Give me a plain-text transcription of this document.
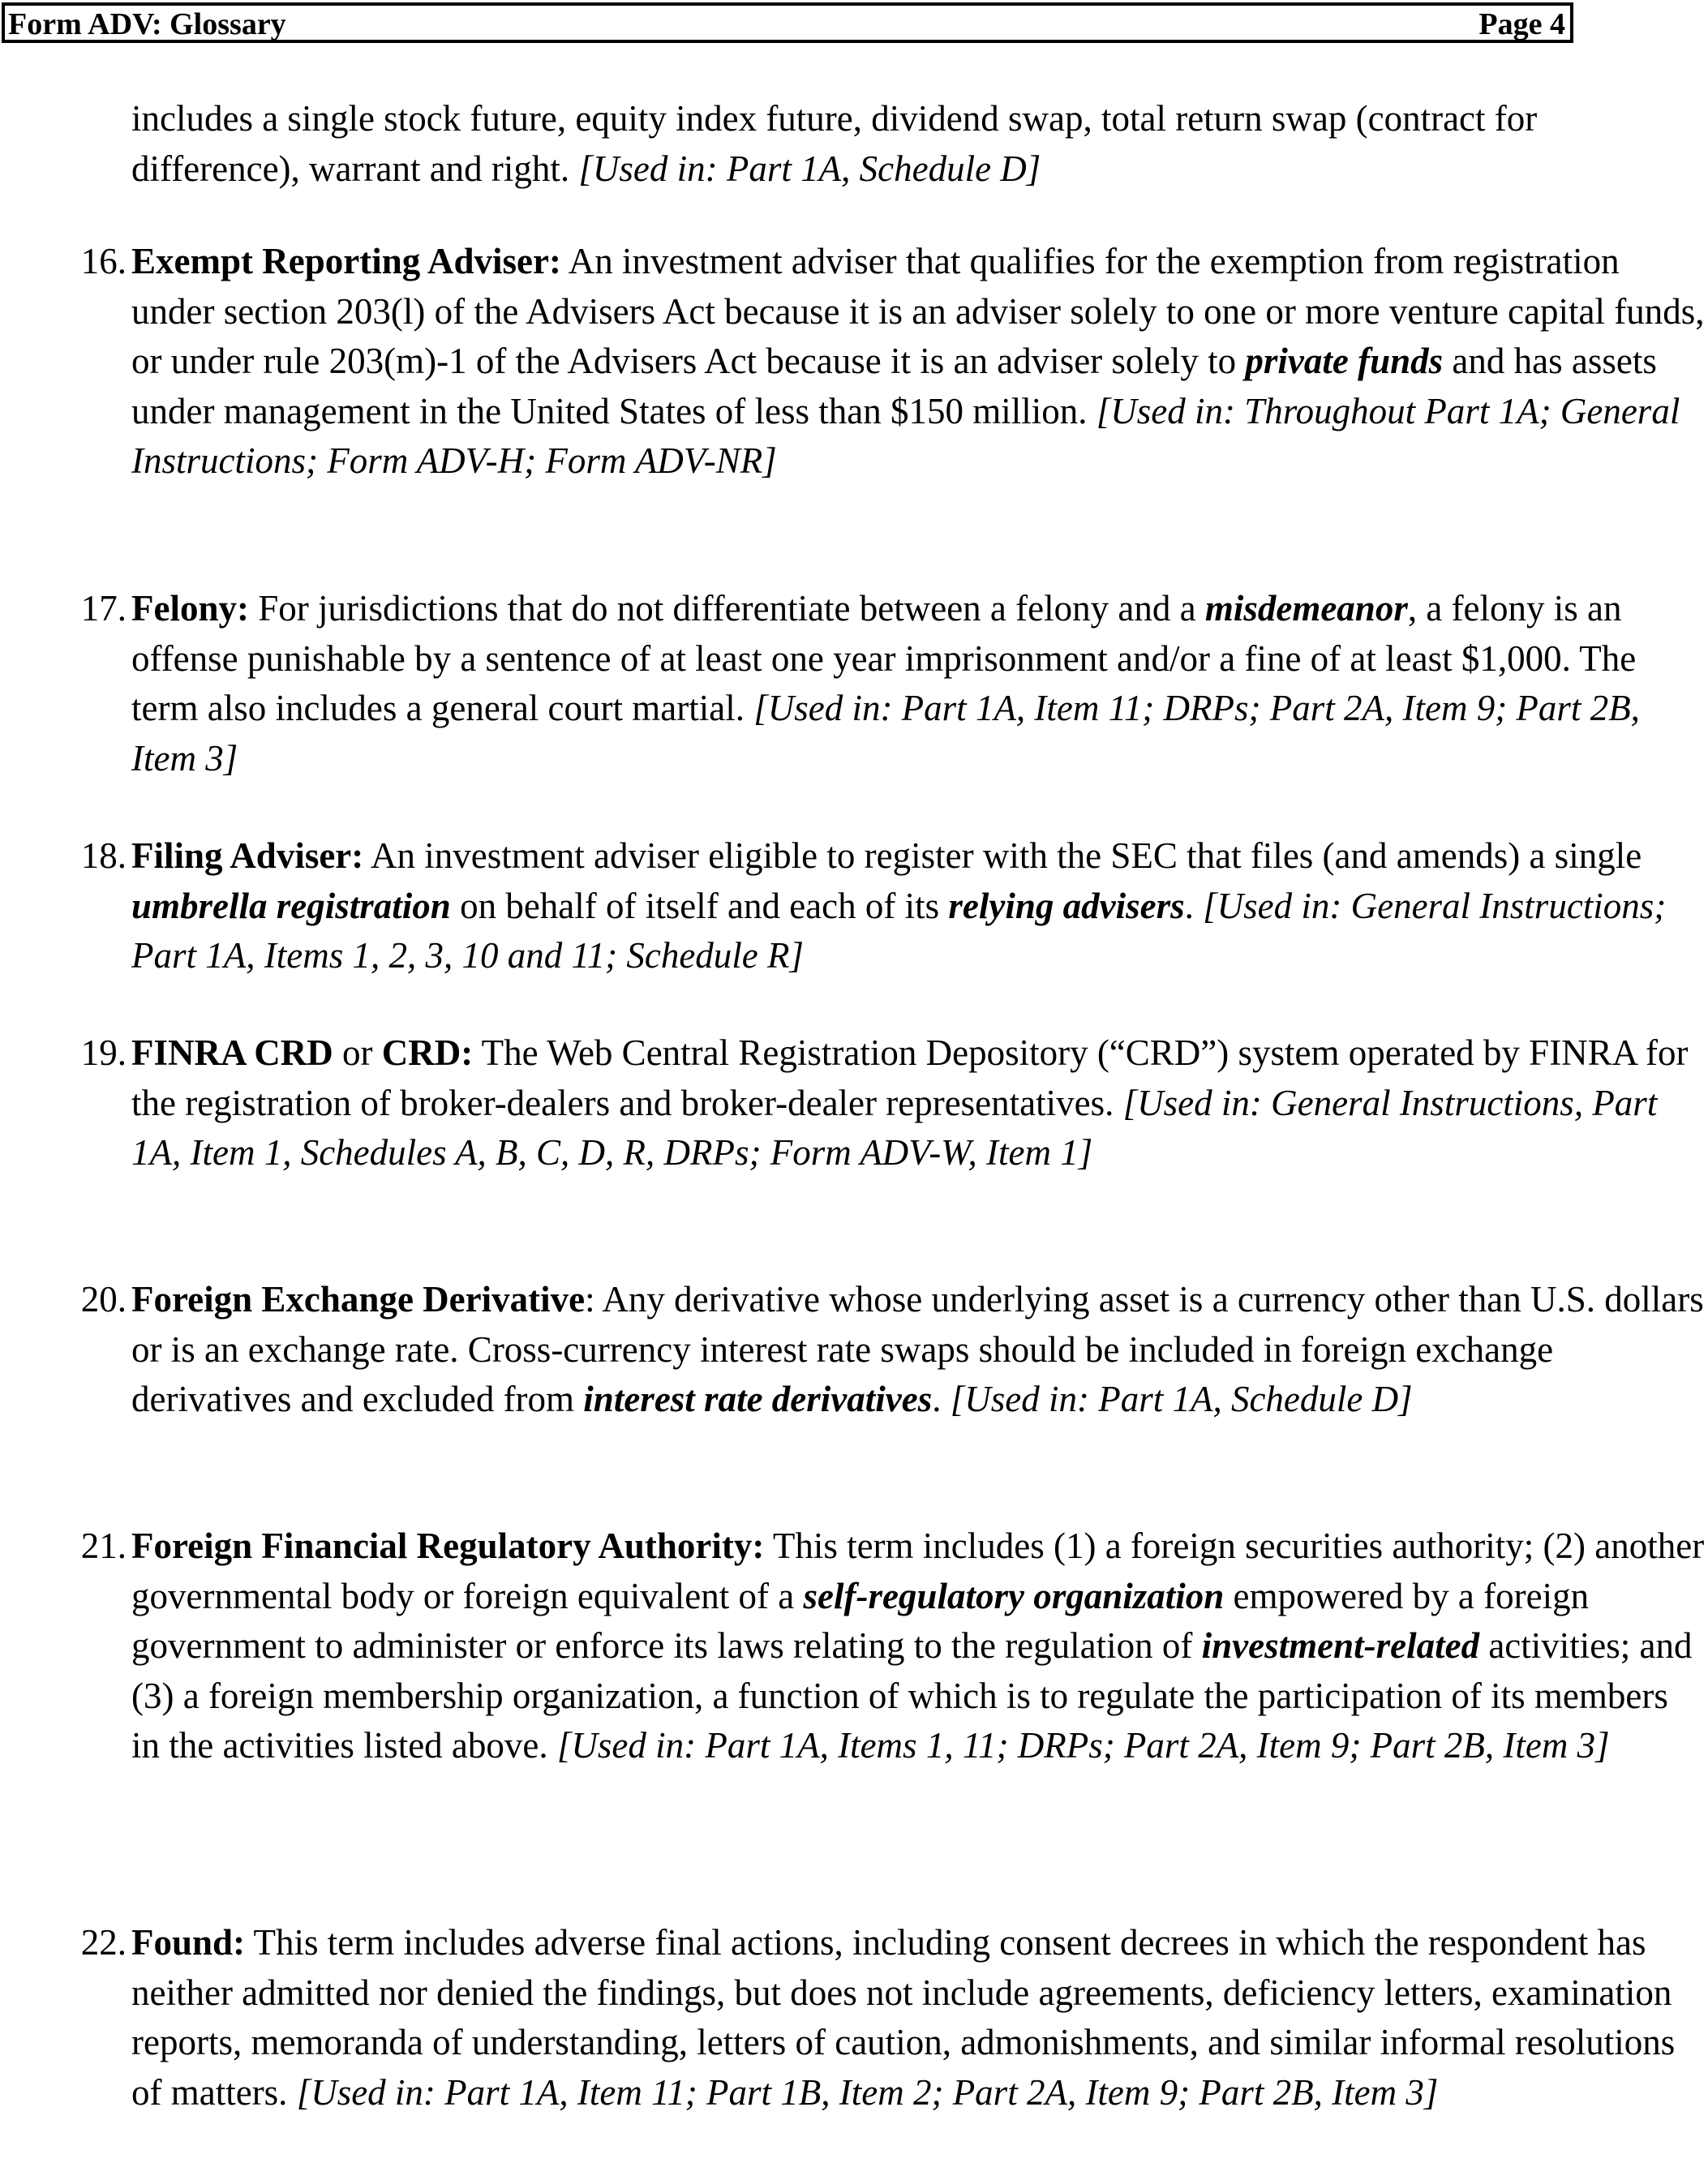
Form ADV: Glossary	Page 4

includes a single stock future, equity index future, dividend swap, total return swap (contract for difference), warrant and right. [Used in: Part 1A, Schedule D]

16. Exempt Reporting Adviser: An investment adviser that qualifies for the exemption from registration under section 203(l) of the Advisers Act because it is an adviser solely to one or more venture capital funds, or under rule 203(m)-1 of the Advisers Act because it is an adviser solely to private funds and has assets under management in the United States of less than $150 million. [Used in: Throughout Part 1A; General Instructions; Form ADV-H; Form ADV-NR]

17. Felony: For jurisdictions that do not differentiate between a felony and a misdemeanor, a felony is an offense punishable by a sentence of at least one year imprisonment and/or a fine of at least $1,000. The term also includes a general court martial. [Used in: Part 1A, Item 11; DRPs; Part 2A, Item 9; Part 2B, Item 3]

18. Filing Adviser: An investment adviser eligible to register with the SEC that files (and amends) a single umbrella registration on behalf of itself and each of its relying advisers. [Used in: General Instructions; Part 1A, Items 1, 2, 3, 10 and 11; Schedule R]

19. FINRA CRD or CRD: The Web Central Registration Depository (“CRD”) system operated by FINRA for the registration of broker-dealers and broker-dealer representatives. [Used in: General Instructions, Part 1A, Item 1, Schedules A, B, C, D, R, DRPs; Form ADV-W, Item 1]

20. Foreign Exchange Derivative: Any derivative whose underlying asset is a currency other than U.S. dollars or is an exchange rate. Cross-currency interest rate swaps should be included in foreign exchange derivatives and excluded from interest rate derivatives. [Used in: Part 1A, Schedule D]

21. Foreign Financial Regulatory Authority: This term includes (1) a foreign securities authority; (2) another governmental body or foreign equivalent of a self-regulatory organization empowered by a foreign government to administer or enforce its laws relating to the regulation of investment-related activities; and (3) a foreign membership organization, a function of which is to regulate the participation of its members in the activities listed above. [Used in: Part 1A, Items 1, 11; DRPs; Part 2A, Item 9; Part 2B, Item 3]

22. Found: This term includes adverse final actions, including consent decrees in which the respondent has neither admitted nor denied the findings, but does not include agreements, deficiency letters, examination reports, memoranda of understanding, letters of caution, admonishments, and similar informal resolutions of matters. [Used in: Part 1A, Item 11; Part 1B, Item 2; Part 2A, Item 9; Part 2B, Item 3]
